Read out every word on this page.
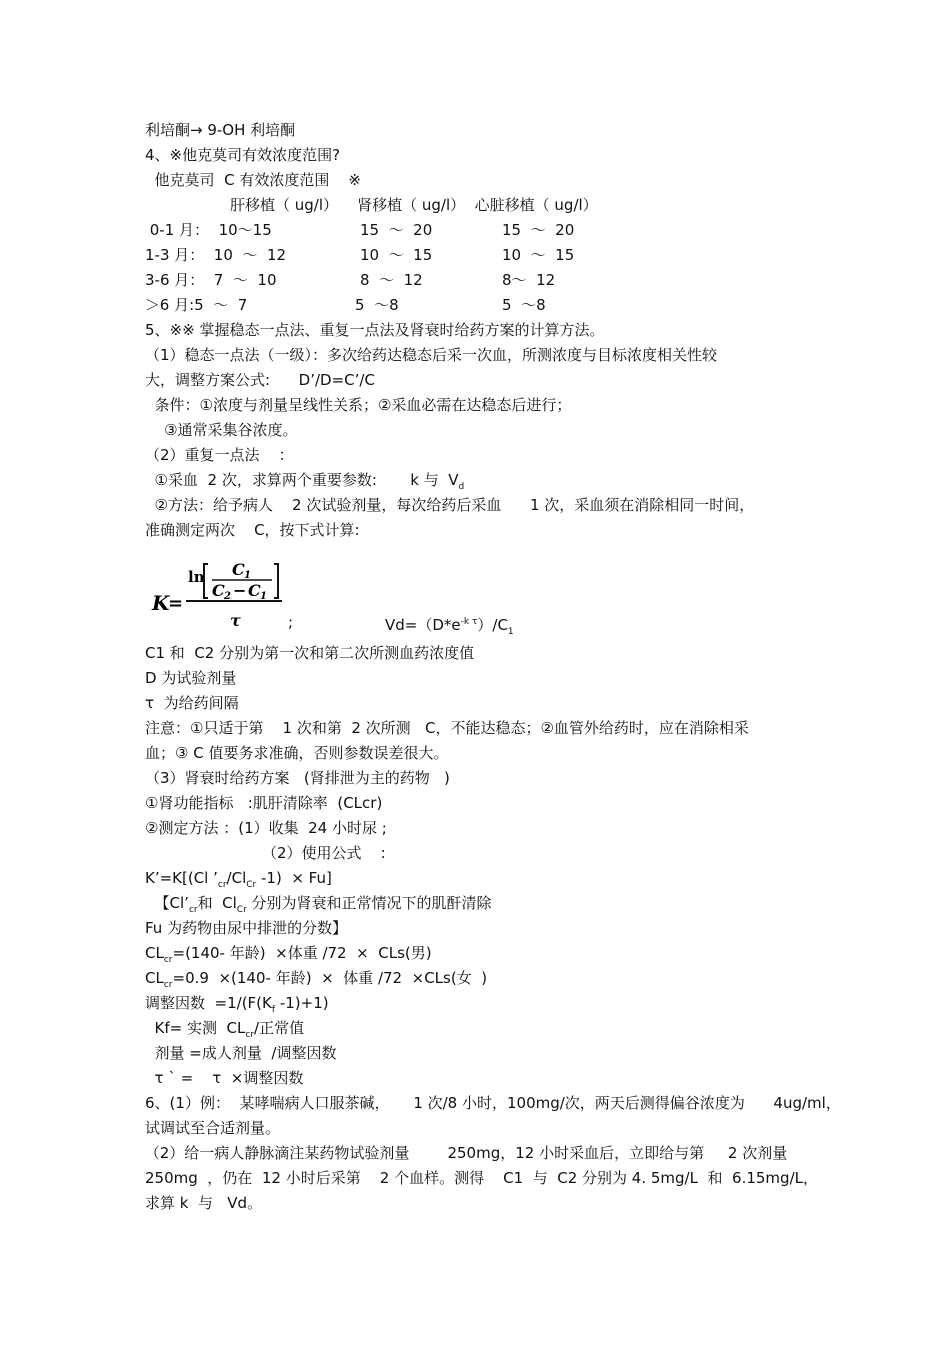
利培酮→ 9-OH 利培酮
4、※他克莫司有效浓度范围?
他克莫司  C 有效浓度范围    ※
肝移植（ ug/l）    肾移植（ ug/l）  心脏移植（ ug/l）
0-1 月：  10～15	15  ～  20	15  ～  20
1-3 月：  10  ～  12	10  ～  15	10  ～  15
3-6 月：  7  ～  10	8  ～  12	8～  12
＞6 月:5  ～  7	5  ～8	5  ～8
5、※※ 掌握稳态一点法、重复一点法及肾衰时给药方案的计算方法。
（1）稳态一点法（一级）：多次给药达稳态后采一次血，所测浓度与目标浓度相关性较
大，调整方案公式:      D’/D=C’/C
条件：①浓度与剂量呈线性关系；②采血必需在达稳态后进行；
③通常采集谷浓度。
（2）重复一点法    ：
①采血  2 次，求算两个重要参数:       k 与  $V_d$
②方法：给予病人    2 次试验剂量，每次给药后采血      1 次，采血须在消除相同一时间，
准确测定两次    C，按下式计算:
K
=
ln C 1
C 2 − C 1
τ	;	$Vd=(D*e^{-k \tau})/C_1$
C1 和  C2 分别为第一次和第二次所测血药浓度值
D 为试验剂量
τ  为给药间隔
注意：①只适于第    1 次和第  2 次所测   C，不能达稳态；②血管外给药时，应在消除相采
血；③ C 值要务求准确，否则参数误差很大。
（3）肾衰时给药方案   (肾排泄为主的药物   )
①肾功能指标   :肌肝清除率  (CLcr)
②测定方法 ：(1）收集  24 小时尿 ;
（2）使用公式    :
K’=K[(Cl $’_{cr}/Cl_{Cr}$ -1)  × Fu]
【$Cl’_{cr}$和  $Cl_{Cr}$ 分别为肾衰和正常情况下的肌酐清除
Fu 为药物由尿中排泄的分数】
$CL_{cr}=(140-$ 年龄)  ×体重 /72  ×  CLs(男)
$CL_{cr}=0.9 \times(140-$ 年龄)  ×  体重 /72  ×CLs(女  )
调整因数  $=1/(F(K_f$ -1)+1)
Kf= 实测  $CL_{cr}/$正常值
剂量 =成人剂量  /调整因数
τ ` =    τ  ×调整因数
6、(1）例：  某哮喘病人口服茶碱，     1 次/8 小时，100mg/次，两天后测得偏谷浓度为      4ug/ml，
试调试至合适剂量。
（2）给一病人静脉滴注某药物试验剂量        250mg，12 小时采血后，立即给与第     2 次剂量
250mg  ，仍在  12 小时后采第    2 个血样。测得    C1  与  C2 分别为 4. 5mg/L  和  6.15mg/L，
求算 k  与   Vd。
